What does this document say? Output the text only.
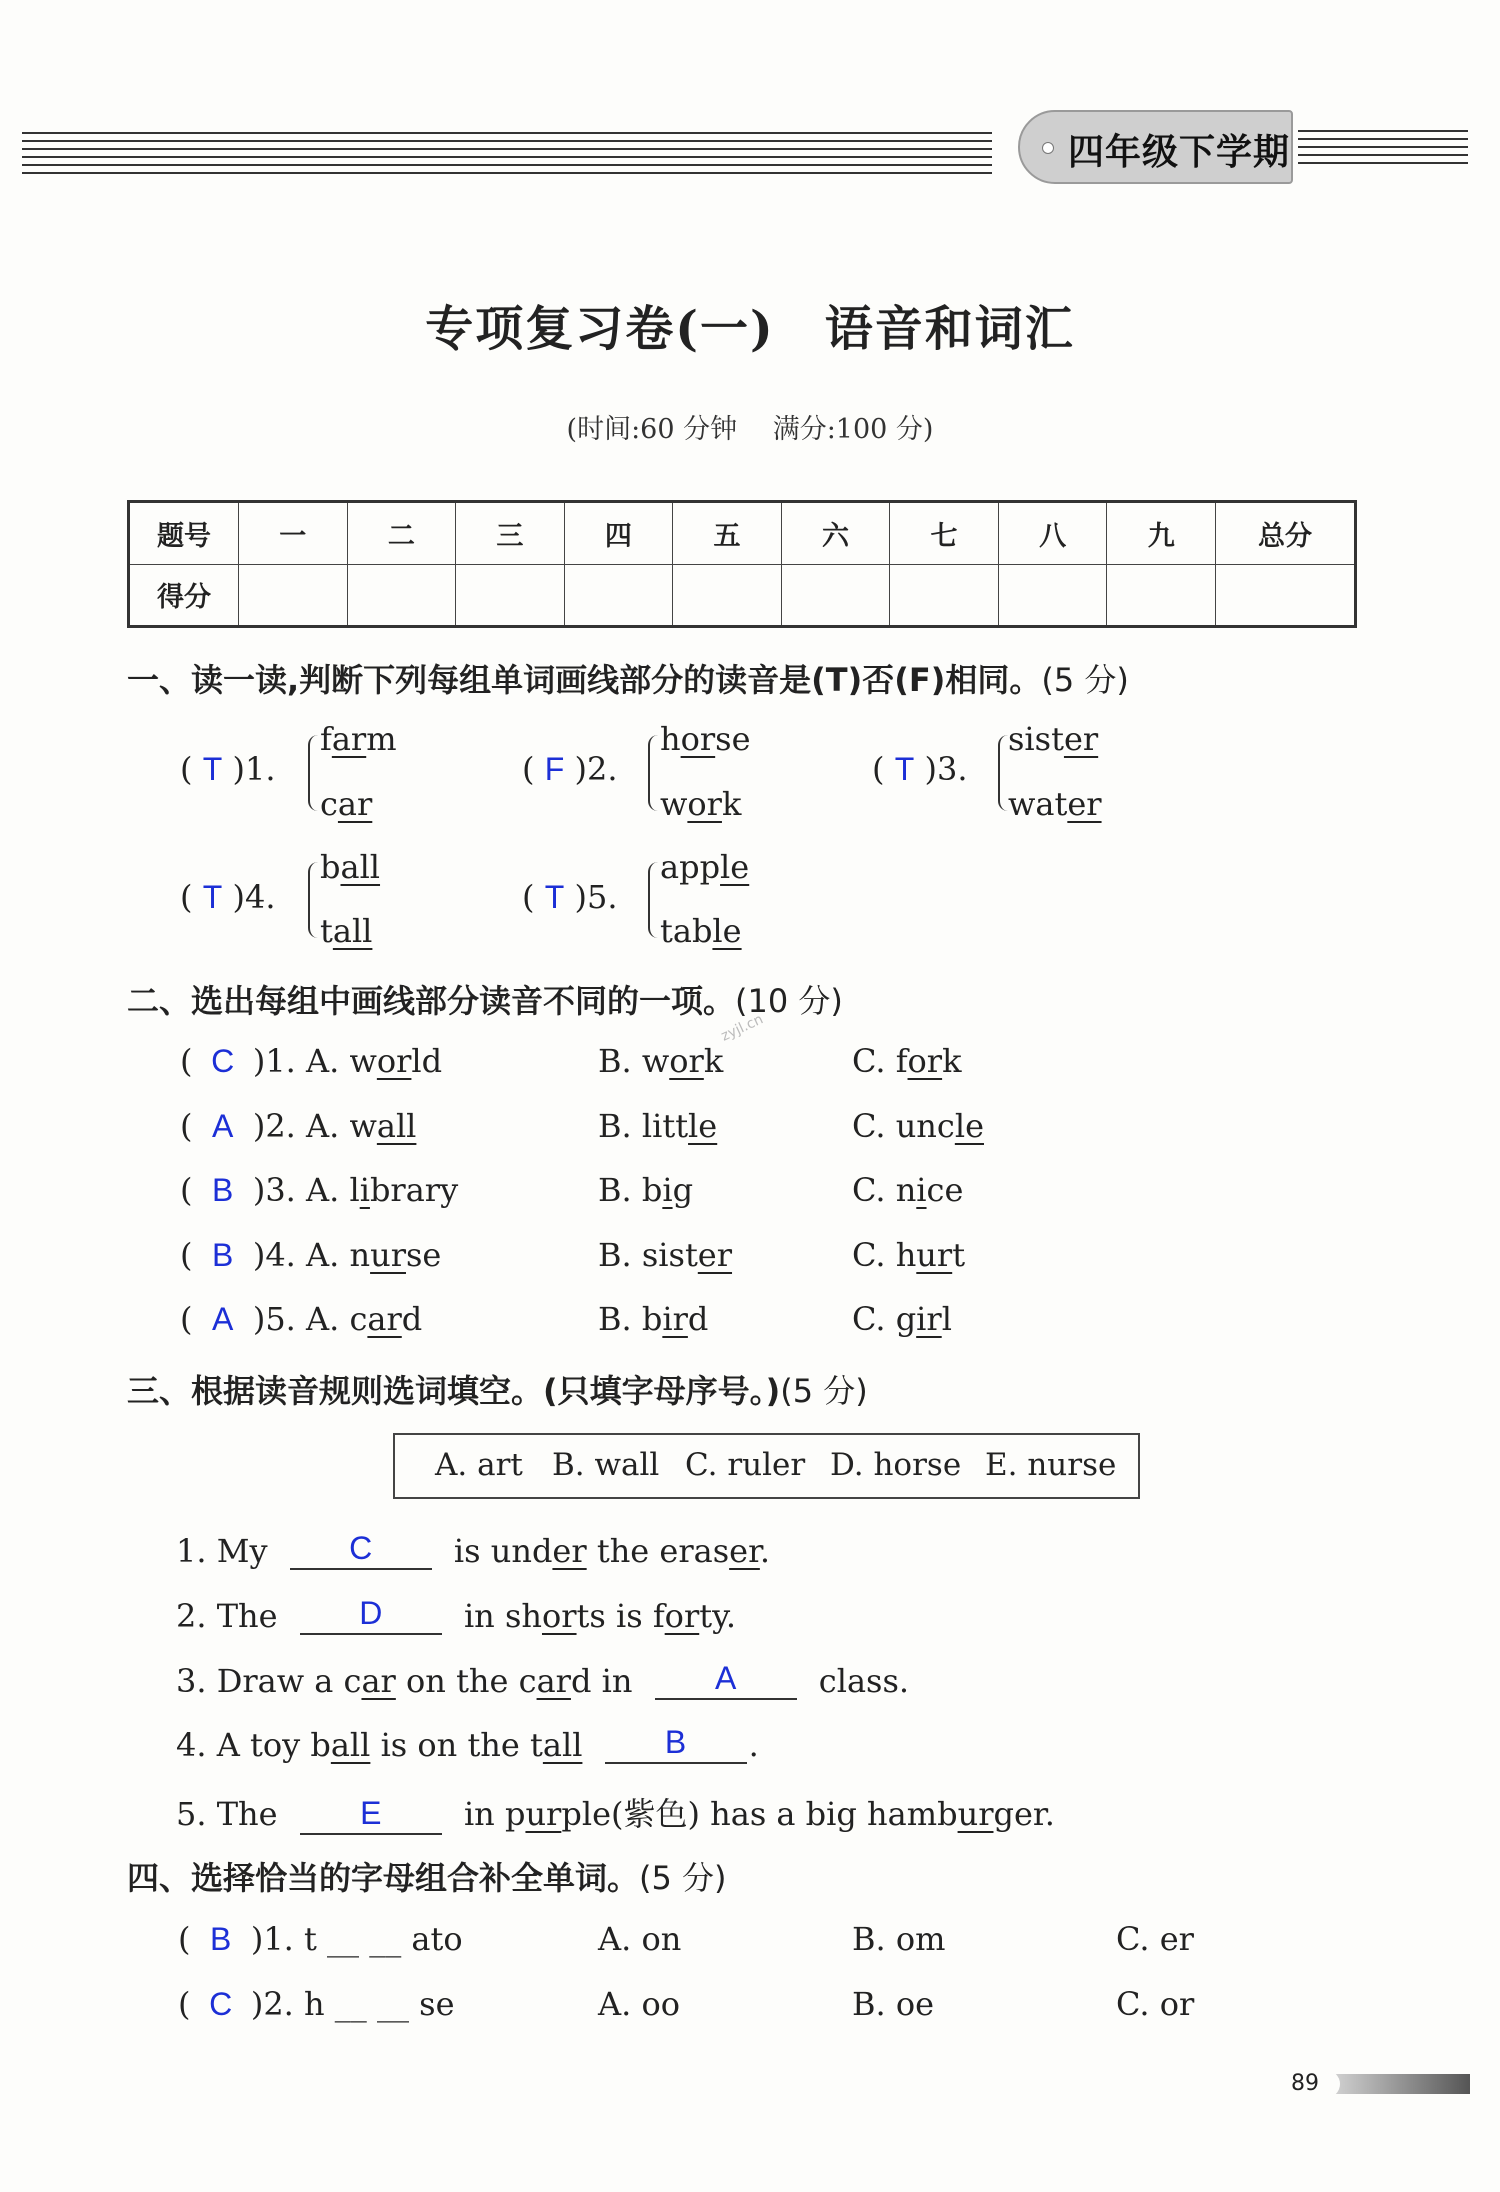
四年级下学期
专项复习卷(一)　语音和词汇
(时间:60 分钟　 满分:100 分)
题号	一	二	三	四	五	六	七	八	九	总分
得分										
一、读一读,判断下列每组单词画线部分的读音是(T)否(F)相同。(5 分)
( T )1.
farm
car
( F )2.
horse
work
( T )3.
sister
water
( T )4.
ball
tall
( T )5.
apple
table
二、选出每组中画线部分读音不同的一项。(10 分)
zyjl.cn
( C )1. A. world	B. work	C. fork
( A )2. A. wall	B. little	C. uncle
( B )3. A. library	B. big	C. nice
( B )4. A. nurse	B. sister	C. hurt
( A )5. A. card	B. bird	C. girl
三、根据读音规则选词填空。(只填字母序号。)(5 分)
A. art B. wall C. ruler D. horse E. nurse
1. My	C	is under the eraser.
2. The	D	in shorts is forty.
3. Draw a car on the card in	A	class.
4. A toy ball is on the tall	B .
5. The	E	in purple(紫色) has a big hamburger.
四、选择恰当的字母组合补全单词。(5 分)
( B )1. t __ __ ato	A. on	B. om	C. er
( C )2. h __ __ se	A. oo	B. oe	C. or
89
